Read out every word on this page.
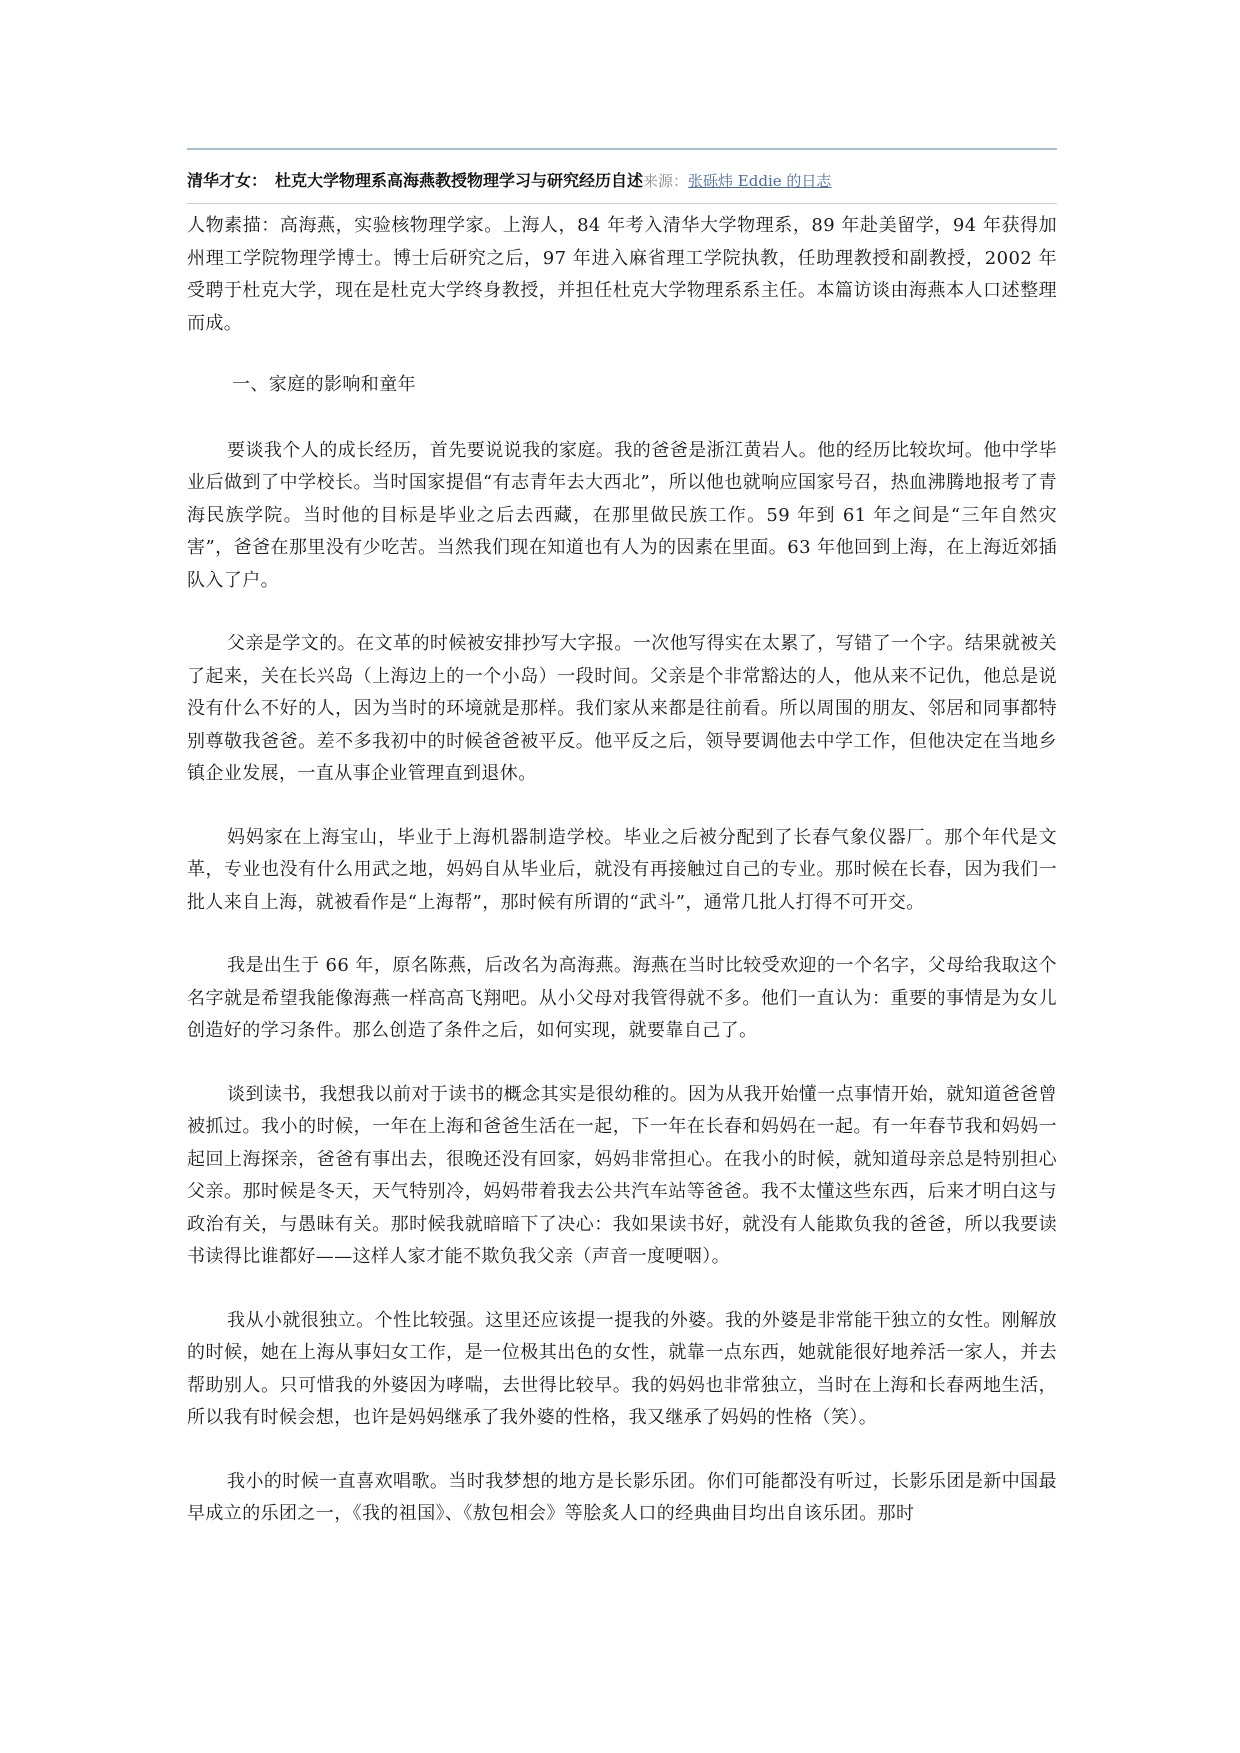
清华才女：　杜克大学物理系高海燕教授物理学习与研究经历自述来源：张砾炜 Eddie 的日志

人物素描：高海燕，实验核物理学家。上海人，84 年考入清华大学物理系，89 年赴美留学，94 年获得加州理工学院物理学博士。博士后研究之后，97 年进入麻省理工学院执教，任助理教授和副教授，2002 年受聘于杜克大学，现在是杜克大学终身教授，并担任杜克大学物理系系主任。本篇访谈由海燕本人口述整理而成。

一、家庭的影响和童年

要谈我个人的成长经历，首先要说说我的家庭。我的爸爸是浙江黄岩人。他的经历比较坎坷。他中学毕业后做到了中学校长。当时国家提倡“有志青年去大西北”，所以他也就响应国家号召，热血沸腾地报考了青海民族学院。当时他的目标是毕业之后去西藏，在那里做民族工作。59 年到 61 年之间是“三年自然灾害”，爸爸在那里没有少吃苦。当然我们现在知道也有人为的因素在里面。63 年他回到上海，在上海近郊插队入了户。

父亲是学文的。在文革的时候被安排抄写大字报。一次他写得实在太累了，写错了一个字。结果就被关了起来，关在长兴岛（上海边上的一个小岛）一段时间。父亲是个非常豁达的人，他从来不记仇，他总是说没有什么不好的人，因为当时的环境就是那样。我们家从来都是往前看。所以周围的朋友、邻居和同事都特别尊敬我爸爸。差不多我初中的时候爸爸被平反。他平反之后，领导要调他去中学工作，但他决定在当地乡镇企业发展，一直从事企业管理直到退休。

妈妈家在上海宝山，毕业于上海机器制造学校。毕业之后被分配到了长春气象仪器厂。那个年代是文革，专业也没有什么用武之地，妈妈自从毕业后，就没有再接触过自己的专业。那时候在长春，因为我们一批人来自上海，就被看作是“上海帮”，那时候有所谓的“武斗”，通常几批人打得不可开交。

我是出生于 66 年，原名陈燕，后改名为高海燕。海燕在当时比较受欢迎的一个名字，父母给我取这个名字就是希望我能像海燕一样高高飞翔吧。从小父母对我管得就不多。他们一直认为：重要的事情是为女儿创造好的学习条件。那么创造了条件之后，如何实现，就要靠自己了。

谈到读书，我想我以前对于读书的概念其实是很幼稚的。因为从我开始懂一点事情开始，就知道爸爸曾被抓过。我小的时候，一年在上海和爸爸生活在一起，下一年在长春和妈妈在一起。有一年春节我和妈妈一起回上海探亲，爸爸有事出去，很晚还没有回家，妈妈非常担心。在我小的时候，就知道母亲总是特别担心父亲。那时候是冬天，天气特别冷，妈妈带着我去公共汽车站等爸爸。我不太懂这些东西，后来才明白这与政治有关，与愚昧有关。那时候我就暗暗下了决心：我如果读书好，就没有人能欺负我的爸爸，所以我要读书读得比谁都好——这样人家才能不欺负我父亲（声音一度哽咽）。

我从小就很独立。个性比较强。这里还应该提一提我的外婆。我的外婆是非常能干独立的女性。刚解放的时候，她在上海从事妇女工作，是一位极其出色的女性，就靠一点东西，她就能很好地养活一家人，并去帮助别人。只可惜我的外婆因为哮喘，去世得比较早。我的妈妈也非常独立，当时在上海和长春两地生活，所以我有时候会想，也许是妈妈继承了我外婆的性格，我又继承了妈妈的性格（笑）。

我小的时候一直喜欢唱歌。当时我梦想的地方是长影乐团。你们可能都没有听过，长影乐团是新中国最早成立的乐团之一，《我的祖国》、《敖包相会》等脍炙人口的经典曲目均出自该乐团。那时
